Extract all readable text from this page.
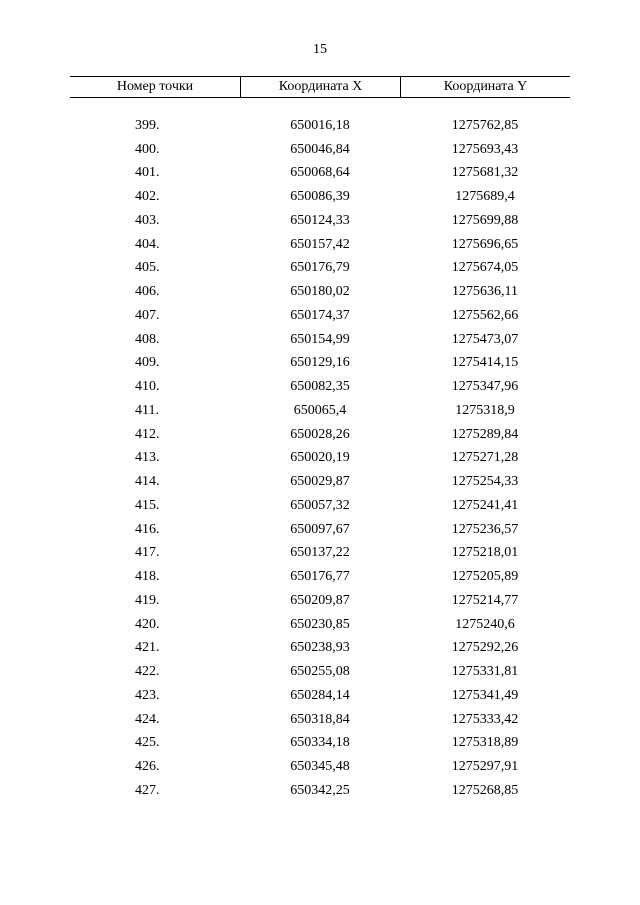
15
Номер точки	Координата X	Координата Y
399.	650016,18	1275762,85
400.	650046,84	1275693,43
401.	650068,64	1275681,32
402.	650086,39	1275689,4
403.	650124,33	1275699,88
404.	650157,42	1275696,65
405.	650176,79	1275674,05
406.	650180,02	1275636,11
407.	650174,37	1275562,66
408.	650154,99	1275473,07
409.	650129,16	1275414,15
410.	650082,35	1275347,96
411.	650065,4	1275318,9
412.	650028,26	1275289,84
413.	650020,19	1275271,28
414.	650029,87	1275254,33
415.	650057,32	1275241,41
416.	650097,67	1275236,57
417.	650137,22	1275218,01
418.	650176,77	1275205,89
419.	650209,87	1275214,77
420.	650230,85	1275240,6
421.	650238,93	1275292,26
422.	650255,08	1275331,81
423.	650284,14	1275341,49
424.	650318,84	1275333,42
425.	650334,18	1275318,89
426.	650345,48	1275297,91
427.	650342,25	1275268,85
